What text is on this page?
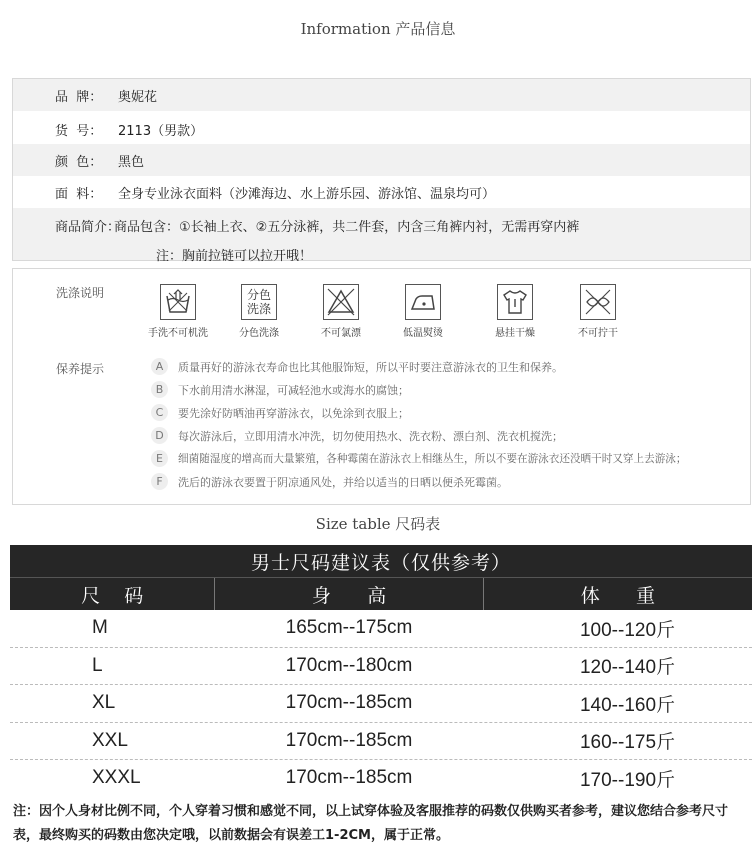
Information 产品信息
品  牌：	奥妮花
货  号：	2113（男款）
颜  色：	黑色
面  料：	全身专业泳衣面料（沙滩海边、水上游乐园、游泳馆、温泉均可）
商品简介：
商品包含：①长袖上衣、②五分泳裤，共二件套，内含三角裤内衬，无需再穿内裤
注：胸前拉链可以拉开哦！
洗涤说明
手洗不可机洗
分色
洗涤
分色洗涤	不可氯漂	低温熨烫	悬挂干燥	不可拧干
保养提示	A	质量再好的游泳衣寿命也比其他服饰短，所以平时要注意游泳衣的卫生和保养。
B	下水前用清水淋湿，可减轻池水或海水的腐蚀；
C	要先涂好防晒油再穿游泳衣，以免涂到衣服上；
D	每次游泳后，立即用清水冲洗，切勿使用热水、洗衣粉、漂白剂、洗衣机搅洗；
E	细菌随湿度的增高而大量繁殖，各种霉菌在游泳衣上相继丛生，所以不要在游泳衣还没晒干时又穿上去游泳；
F	洗后的游泳衣要置于阴凉通风处，并给以适当的日晒以便杀死霉菌。
Size table 尺码表
男士尺码建议表（仅供参考）
尺    码	身      高	体      重
M	165cm--175cm	100--120斤
L	170cm--180cm	120--140斤
XL	170cm--185cm	140--160斤
XXL	170cm--185cm	160--175斤
XXXL	170cm--185cm	170--190斤
注：因个人身材比例不同，个人穿着习惯和感觉不同，以上试穿体验及客服推荐的码数仅供购买者参考，建议您结合参考尺寸表，最终购买的码数由您决定哦，以前数据会有误差工1-2CM，属于正常。
